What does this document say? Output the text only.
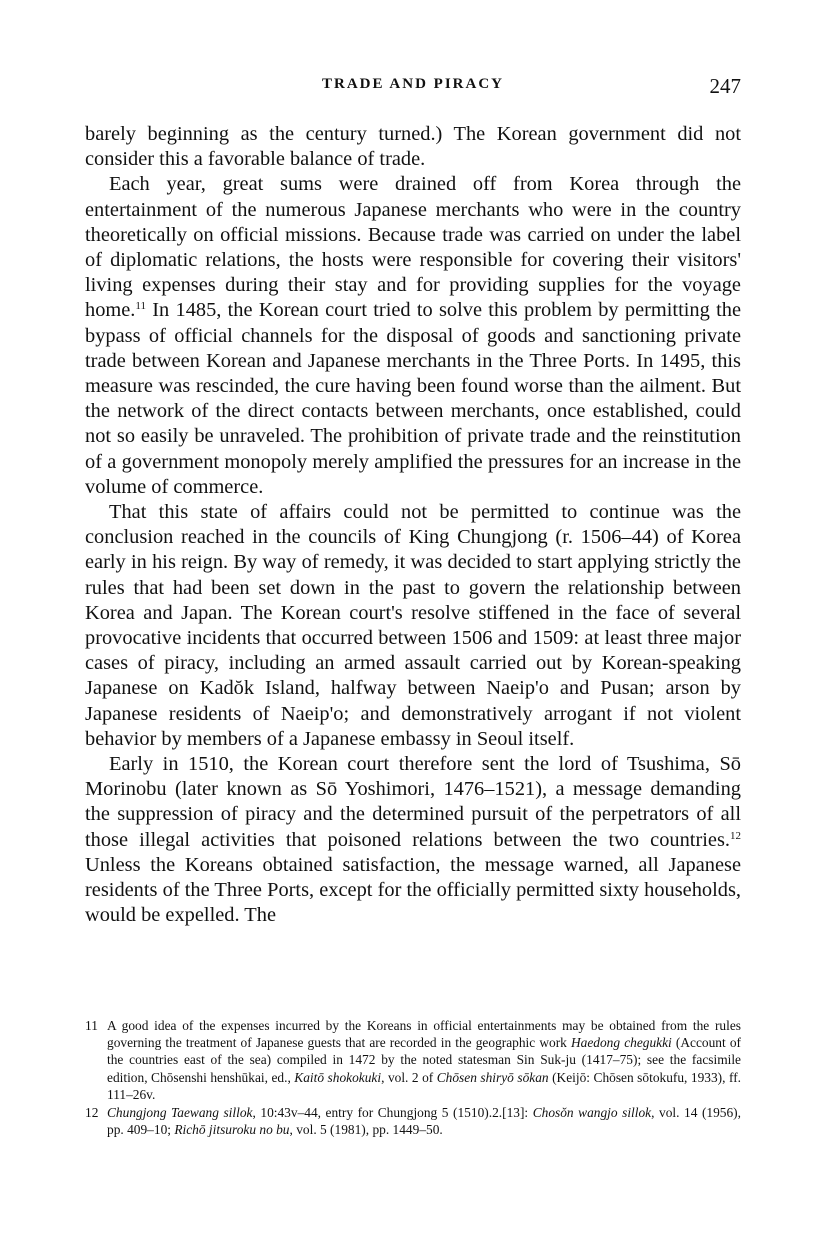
TRADE AND PIRACY	247

barely beginning as the century turned.) The Korean government did not consider this a favorable balance of trade.

Each year, great sums were drained off from Korea through the entertainment of the numerous Japanese merchants who were in the country theoretically on official missions. Because trade was carried on under the label of diplomatic relations, the hosts were responsible for covering their visitors' living expenses during their stay and for providing supplies for the voyage home.$^{11}$ In 1485, the Korean court tried to solve this problem by permitting the bypass of official channels for the disposal of goods and sanctioning private trade between Korean and Japanese merchants in the Three Ports. In 1495, this measure was rescinded, the cure having been found worse than the ailment. But the network of the direct contacts between merchants, once established, could not so easily be unraveled. The prohibition of private trade and the reinstitution of a government monopoly merely amplified the pressures for an increase in the volume of commerce.

That this state of affairs could not be permitted to continue was the conclusion reached in the councils of King Chungjong (r. 1506–44) of Korea early in his reign. By way of remedy, it was decided to start applying strictly the rules that had been set down in the past to govern the relationship between Korea and Japan. The Korean court's resolve stiffened in the face of several provocative incidents that occurred between 1506 and 1509: at least three major cases of piracy, including an armed assault carried out by Korean-speaking Japanese on Kadŏk Island, halfway between Naeip'o and Pusan; arson by Japanese residents of Naeip'o; and demonstratively arrogant if not violent behavior by members of a Japanese embassy in Seoul itself.

Early in 1510, the Korean court therefore sent the lord of Tsushima, Sō Morinobu (later known as Sō Yoshimori, 1476–1521), a message demanding the suppression of piracy and the determined pursuit of the perpetrators of all those illegal activities that poisoned relations between the two countries.$^{12}$ Unless the Koreans obtained satisfaction, the message warned, all Japanese residents of the Three Ports, except for the officially permitted sixty households, would be expelled. The

11 A good idea of the expenses incurred by the Koreans in official entertainments may be obtained from the rules governing the treatment of Japanese guests that are recorded in the geographic work Haedong chegukki (Account of the countries east of the sea) compiled in 1472 by the noted statesman Sin Suk-ju (1417–75); see the facsimile edition, Chōsenshi henshūkai, ed., Kaitō shokokuki, vol. 2 of Chōsen shiryō sōkan (Keijō: Chōsen sōtokufu, 1933), ff. 111–26v.
12 Chungjong Taewang sillok, 10:43v–44, entry for Chungjong 5 (1510).2.[13]: Chosŏn wangjo sillok, vol. 14 (1956), pp. 409–10; Richō jitsuroku no bu, vol. 5 (1981), pp. 1449–50.
